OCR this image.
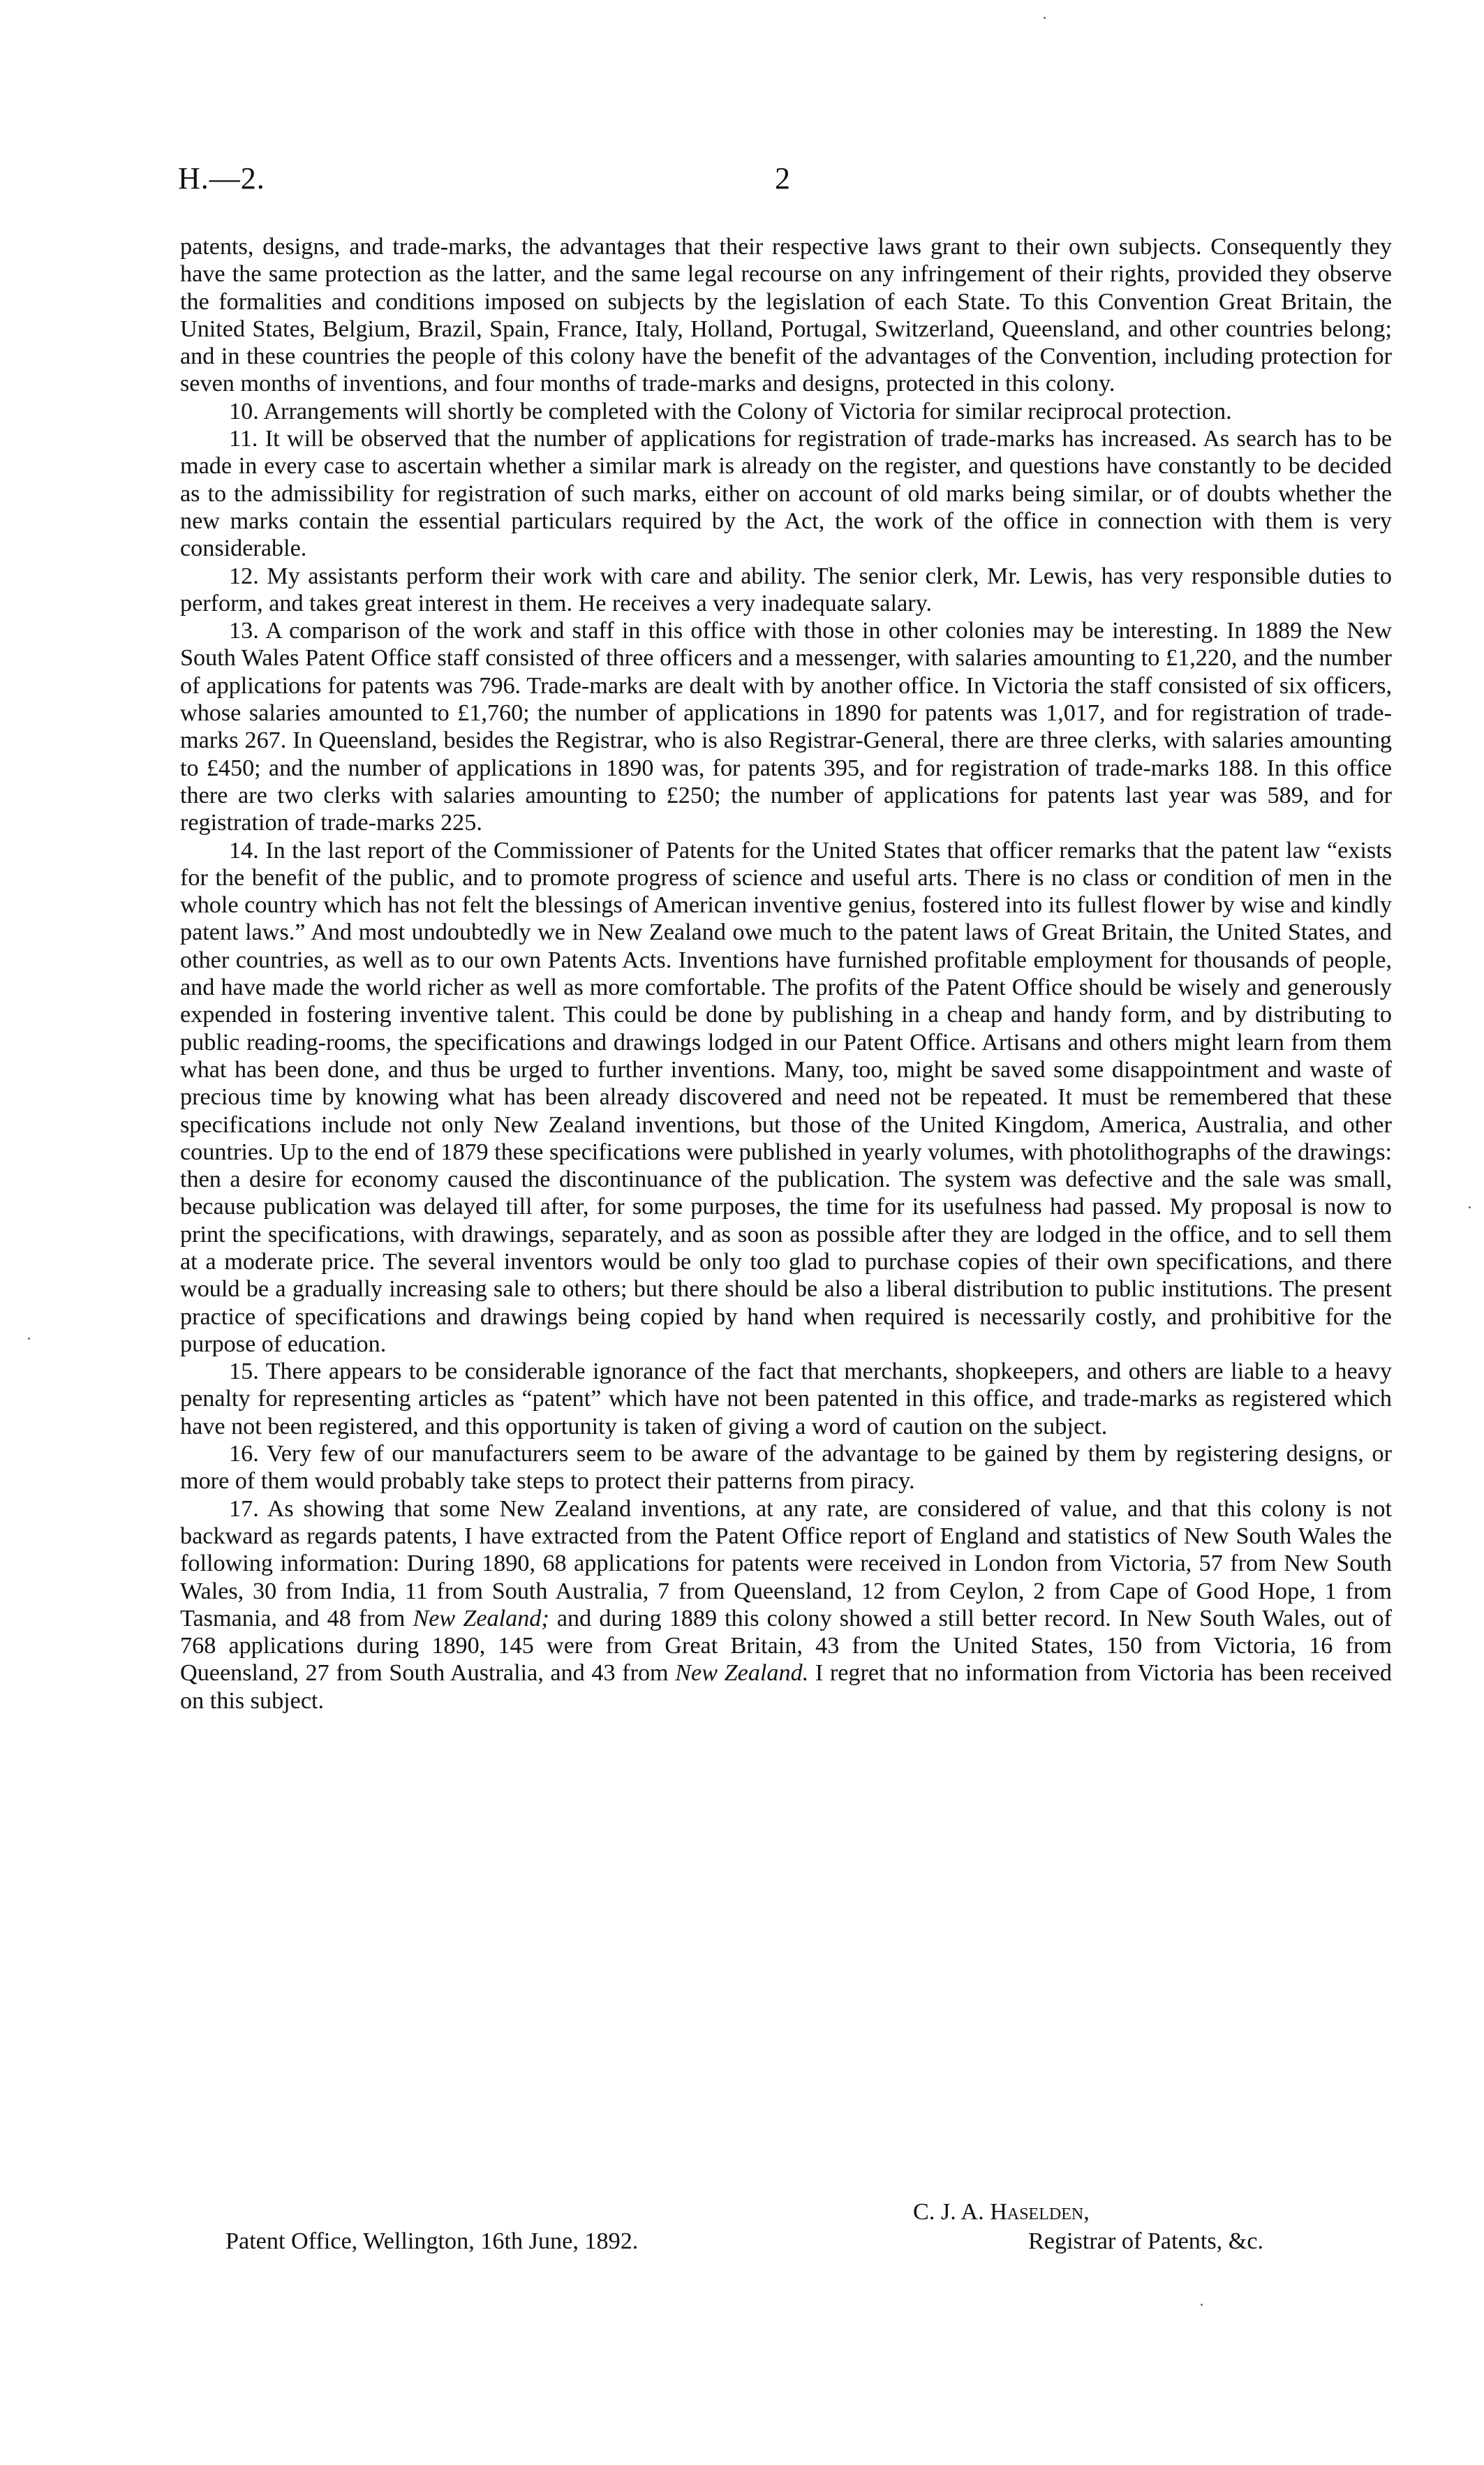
H.—2.	2

patents, designs, and trade-marks, the advantages that their respective laws grant to their own subjects. Consequently they have the same protection as the latter, and the same legal recourse on any infringement of their rights, provided they observe the formalities and conditions imposed on subjects by the legislation of each State. To this Convention Great Britain, the United States, Belgium, Brazil, Spain, France, Italy, Holland, Portugal, Switzerland, Queensland, and other countries belong; and in these countries the people of this colony have the benefit of the advantages of the Convention, including protection for seven months of inventions, and four months of trade-marks and designs, protected in this colony.

10. Arrangements will shortly be completed with the Colony of Victoria for similar reciprocal protection.

11. It will be observed that the number of applications for registration of trade-marks has increased. As search has to be made in every case to ascertain whether a similar mark is already on the register, and questions have constantly to be decided as to the admissibility for registration of such marks, either on account of old marks being similar, or of doubts whether the new marks contain the essential particulars required by the Act, the work of the office in connection with them is very considerable.

12. My assistants perform their work with care and ability. The senior clerk, Mr. Lewis, has very responsible duties to perform, and takes great interest in them. He receives a very inadequate salary.

13. A comparison of the work and staff in this office with those in other colonies may be interesting. In 1889 the New South Wales Patent Office staff consisted of three officers and a messenger, with salaries amounting to £1,220, and the number of applications for patents was 796. Trade-marks are dealt with by another office. In Victoria the staff consisted of six officers, whose salaries amounted to £1,760; the number of applications in 1890 for patents was 1,017, and for registration of trade-marks 267. In Queensland, besides the Registrar, who is also Registrar-General, there are three clerks, with salaries amounting to £450; and the number of applications in 1890 was, for patents 395, and for registration of trade-marks 188. In this office there are two clerks with salaries amounting to £250; the number of applications for patents last year was 589, and for registration of trade-marks 225.

14. In the last report of the Commissioner of Patents for the United States that officer remarks that the patent law “exists for the benefit of the public, and to promote progress of science and useful arts. There is no class or condition of men in the whole country which has not felt the blessings of American inventive genius, fostered into its fullest flower by wise and kindly patent laws.” And most undoubtedly we in New Zealand owe much to the patent laws of Great Britain, the United States, and other countries, as well as to our own Patents Acts. Inventions have furnished profitable employment for thousands of people, and have made the world richer as well as more comfortable. The profits of the Patent Office should be wisely and generously expended in fostering inventive talent. This could be done by publishing in a cheap and handy form, and by distributing to public reading-rooms, the specifications and drawings lodged in our Patent Office. Artisans and others might learn from them what has been done, and thus be urged to further inventions. Many, too, might be saved some disappointment and waste of precious time by knowing what has been already discovered and need not be repeated. It must be remembered that these specifications include not only New Zealand inventions, but those of the United Kingdom, America, Australia, and other countries. Up to the end of 1879 these specifications were published in yearly volumes, with photolithographs of the drawings: then a desire for economy caused the discontinuance of the publication. The system was defective and the sale was small, because publication was delayed till after, for some purposes, the time for its usefulness had passed. My proposal is now to print the specifications, with drawings, separately, and as soon as possible after they are lodged in the office, and to sell them at a moderate price. The several inventors would be only too glad to purchase copies of their own specifications, and there would be a gradually increasing sale to others; but there should be also a liberal distribution to public institutions. The present practice of specifications and drawings being copied by hand when required is necessarily costly, and prohibitive for the purpose of education.

15. There appears to be considerable ignorance of the fact that merchants, shopkeepers, and others are liable to a heavy penalty for representing articles as “patent” which have not been patented in this office, and trade-marks as registered which have not been registered, and this opportunity is taken of giving a word of caution on the subject.

16. Very few of our manufacturers seem to be aware of the advantage to be gained by them by registering designs, or more of them would probably take steps to protect their patterns from piracy.

17. As showing that some New Zealand inventions, at any rate, are considered of value, and that this colony is not backward as regards patents, I have extracted from the Patent Office report of England and statistics of New South Wales the following information: During 1890, 68 applications for patents were received in London from Victoria, 57 from New South Wales, 30 from India, 11 from South Australia, 7 from Queensland, 12 from Ceylon, 2 from Cape of Good Hope, 1 from Tasmania, and 48 from New Zealand; and during 1889 this colony showed a still better record. In New South Wales, out of 768 applications during 1890, 145 were from Great Britain, 43 from the United States, 150 from Victoria, 16 from Queensland, 27 from South Australia, and 43 from New Zealand. I regret that no information from Victoria has been received on this subject.

C. J. A. Haselden,
Patent Office, Wellington, 16th June, 1892.	Registrar of Patents, &c.
